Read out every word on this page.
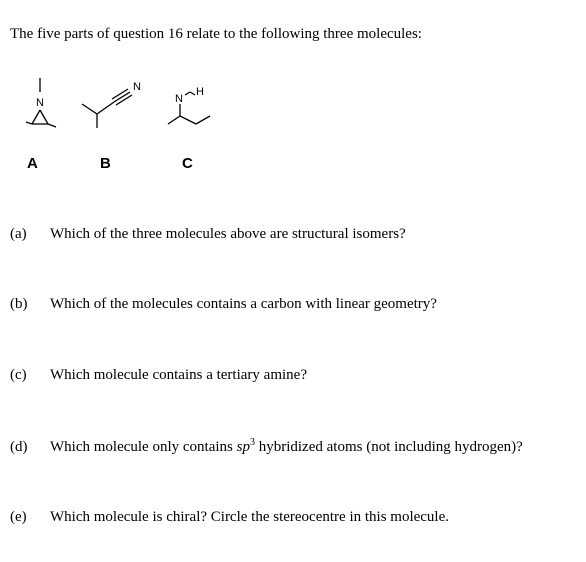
The five parts of question 16 relate to the following three molecules:
N
N
N
H
A	B	C
(a) Which of the three molecules above are structural isomers?
(b) Which of the molecules contains a carbon with linear geometry?
(c) Which molecule contains a tertiary amine?
(d) Which molecule only contains $sp^3$ hybridized atoms (not including hydrogen)?
(e) Which molecule is chiral? Circle the stereocentre in this molecule.
